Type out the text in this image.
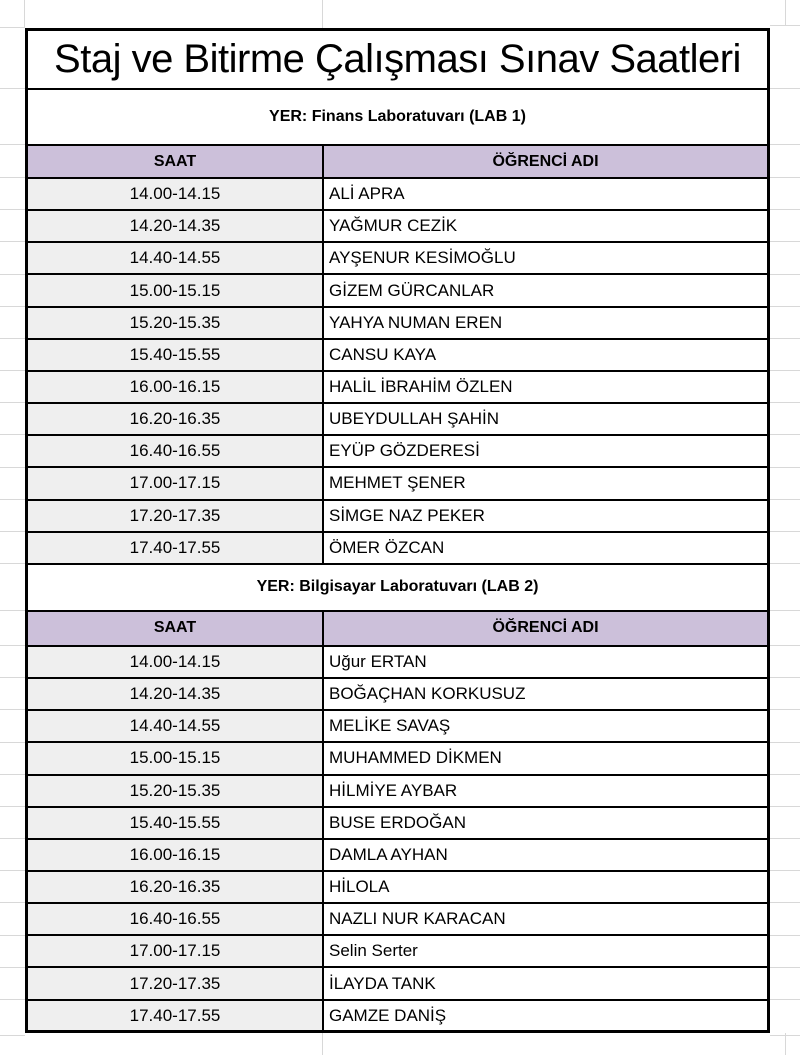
Staj ve Bitirme Çalışması Sınav Saatleri
YER: Finans Laboratuvarı (LAB 1)
SAAT	ÖĞRENCİ ADI
14.00-14.15	ALİ APRA
14.20-14.35	YAĞMUR CEZİK
14.40-14.55	AYŞENUR KESİMOĞLU
15.00-15.15	GİZEM GÜRCANLAR
15.20-15.35	YAHYA NUMAN EREN
15.40-15.55	CANSU KAYA
16.00-16.15	HALİL İBRAHİM ÖZLEN
16.20-16.35	UBEYDULLAH ŞAHİN
16.40-16.55	EYÜP GÖZDERESİ
17.00-17.15	MEHMET ŞENER
17.20-17.35	SİMGE NAZ PEKER
17.40-17.55	ÖMER ÖZCAN
YER: Bilgisayar Laboratuvarı (LAB 2)
SAAT	ÖĞRENCİ ADI
14.00-14.15	Uğur ERTAN
14.20-14.35	BOĞAÇHAN KORKUSUZ
14.40-14.55	MELİKE SAVAŞ
15.00-15.15	MUHAMMED DİKMEN
15.20-15.35	HİLMİYE AYBAR
15.40-15.55	BUSE ERDOĞAN
16.00-16.15	DAMLA AYHAN
16.20-16.35	HİLOLA
16.40-16.55	NAZLI NUR KARACAN
17.00-17.15	Selin Serter
17.20-17.35	İLAYDA TANK
17.40-17.55	GAMZE DANİŞ
